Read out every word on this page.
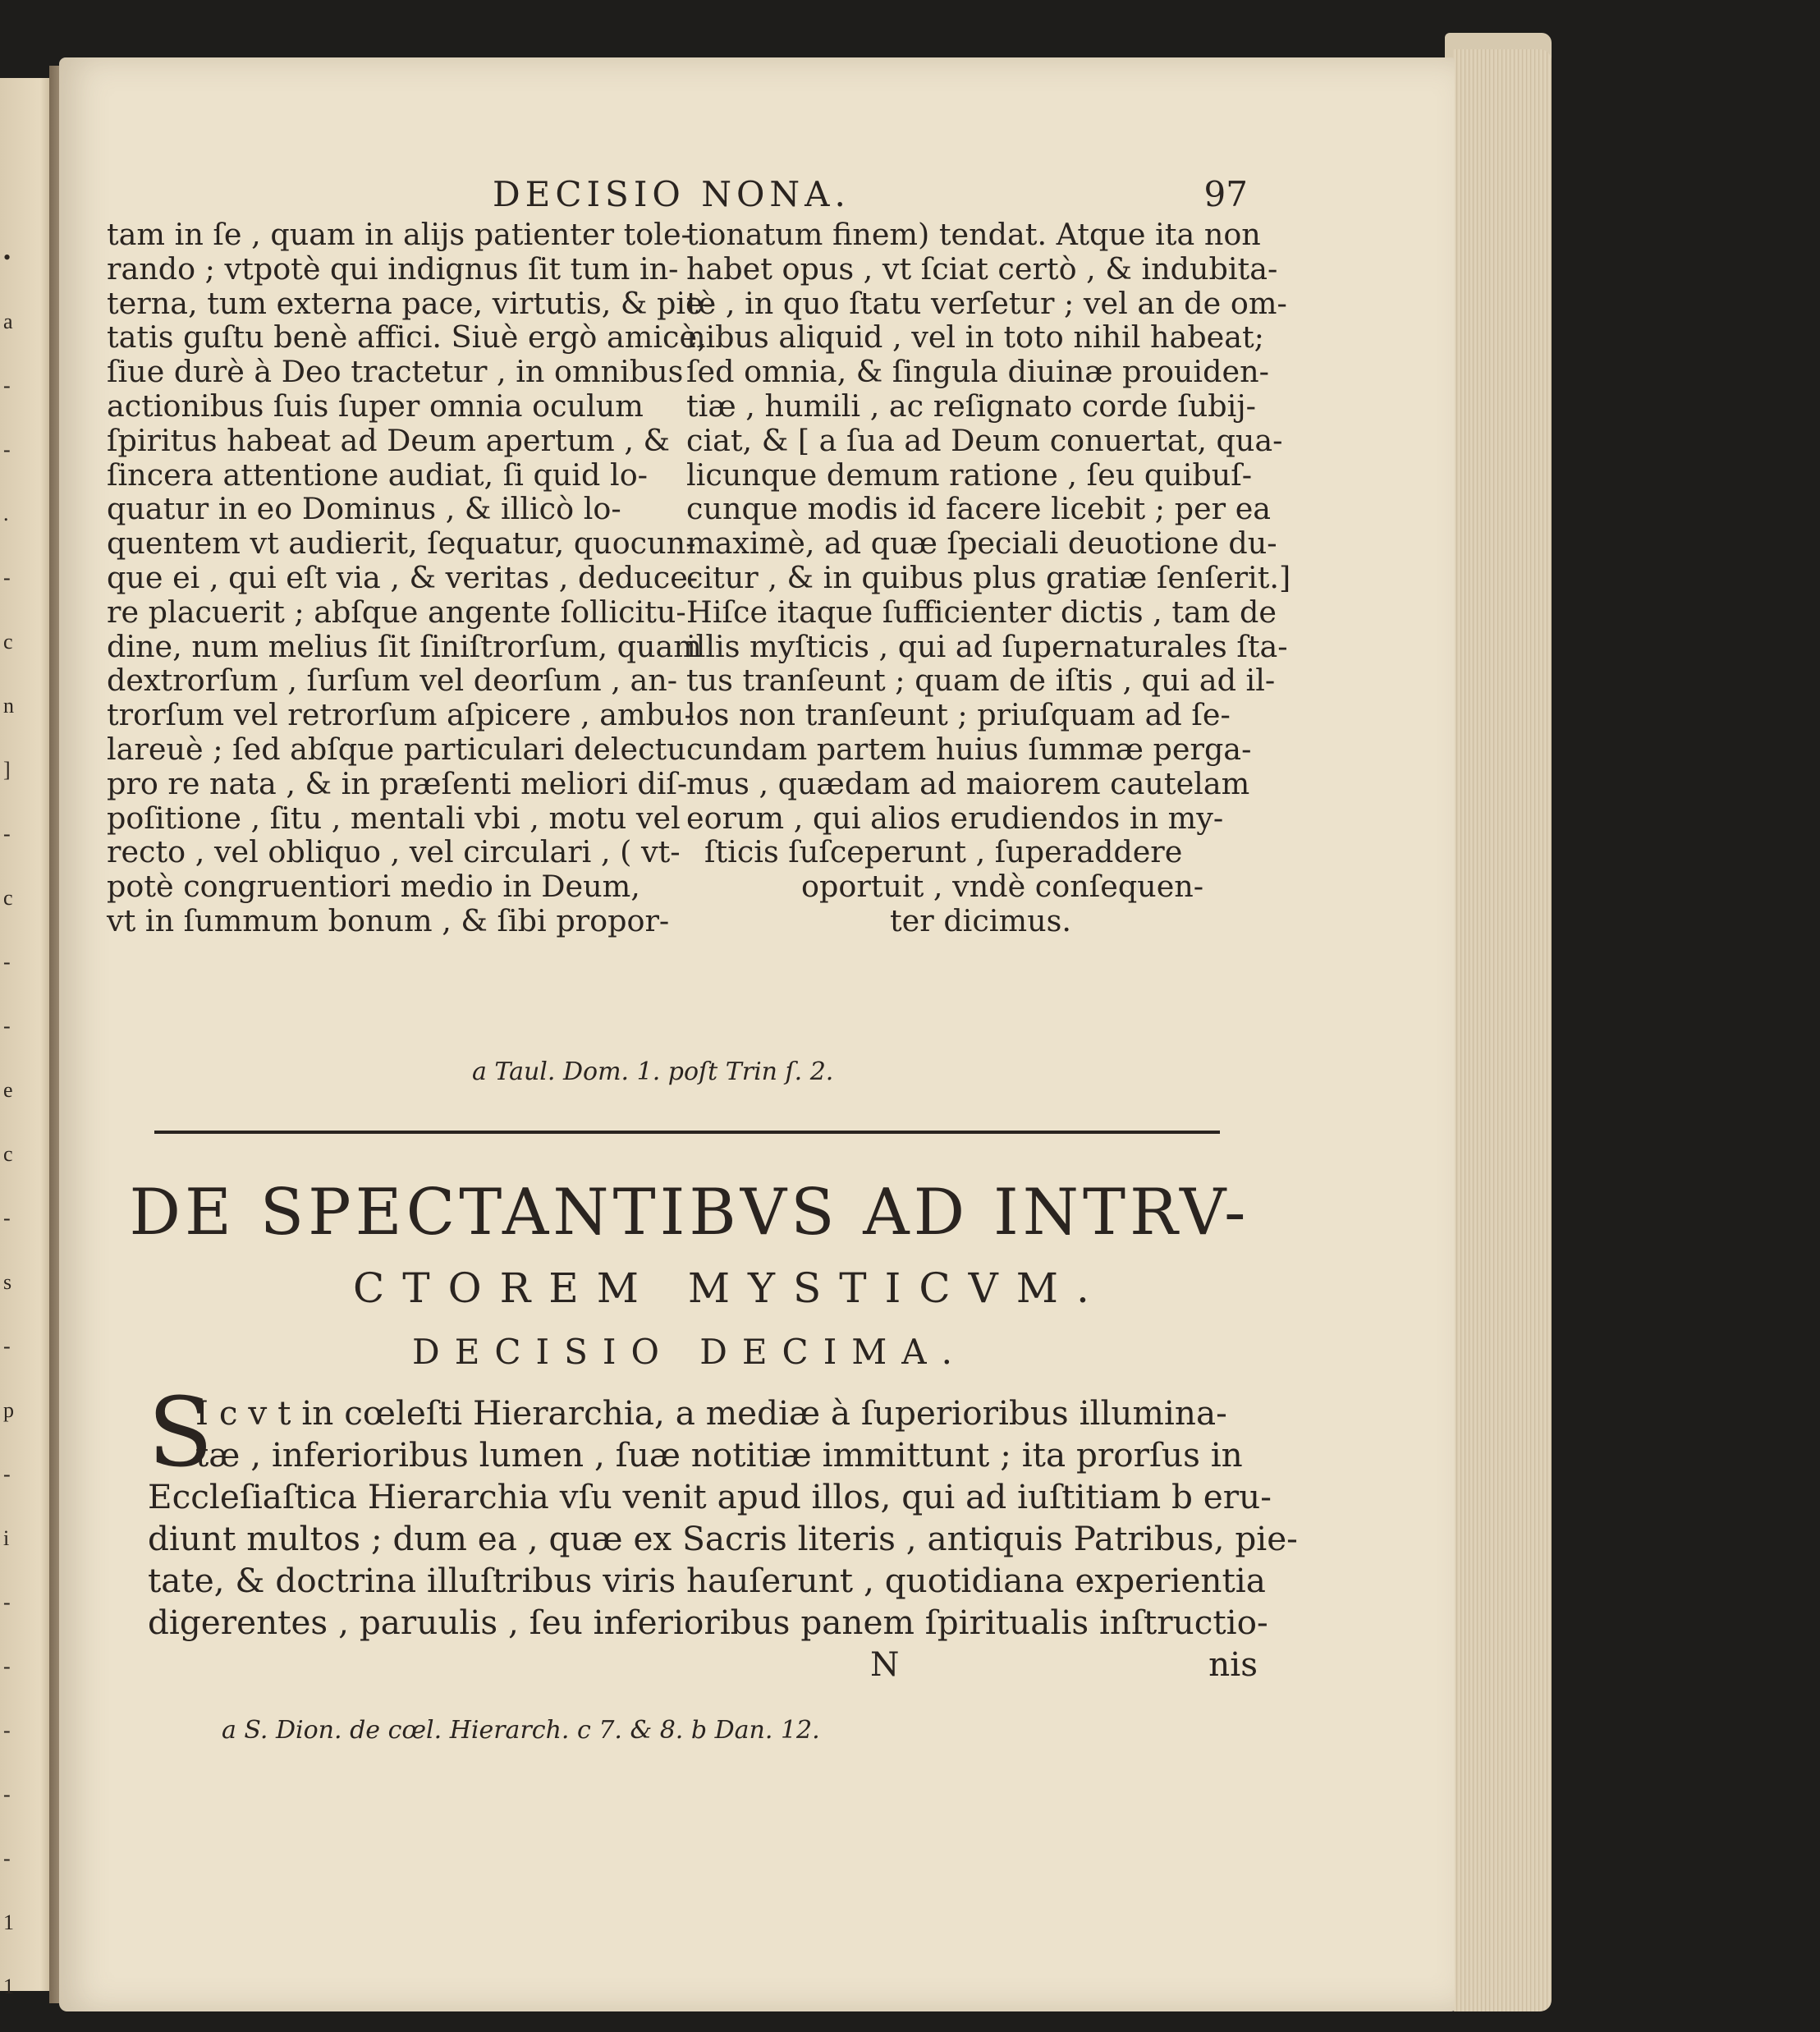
•
a
-
-
.
-
c
n
]
-
c
-
-
e
c
-
s
-
p
-
i
-
-
-
-
-
1
1
DECISIO NONA.	97
tam in ſe , quam in alijs patienter tole-
rando ; vtpotè qui indignus ſit tum in-
terna, tum externa pace, virtutis, & pie-
tatis guſtu benè affici. Siuè ergò amicè,
ſiue durè à Deo tractetur , in omnibus
actionibus ſuis ſuper omnia oculum
ſpiritus habeat ad Deum apertum , &
ſincera attentione audiat, ſi quid lo-
quatur in eo Dominus , & illicò lo-
quentem vt audierit, ſequatur, quocun-
que ei , qui eſt via , & veritas , deduce-
re placuerit ; abſque angente ſollicitu-
dine, num melius ſit ſiniſtrorſum, quam
dextrorſum , ſurſum vel deorſum , an-
trorſum vel retrorſum aſpicere , ambu-
lareuè ; ſed abſque particulari delectu
pro re nata , & in præſenti meliori diſ-
poſitione , ſitu , mentali vbi , motu vel
recto , vel obliquo , vel circulari , ( vt-
potè congruentiori medio in Deum,
vt in ſummum bonum , & ſibi propor-
tionatum finem) tendat. Atque ita non
habet opus , vt ſciat certò , & indubita-
tè , in quo ſtatu verſetur ; vel an de om-
nibus aliquid , vel in toto nihil habeat;
ſed omnia, & ſingula diuinæ prouiden-
tiæ , humili , ac reſignato corde ſubij-
ciat, & [ a ſua ad Deum conuertat, qua-
licunque demum ratione , ſeu quibuſ-
cunque modis id facere licebit ; per ea
maximè, ad quæ ſpeciali deuotione du-
citur , & in quibus plus gratiæ ſenſerit.]
Hiſce itaque ſufficienter dictis , tam de
illis myſticis , qui ad ſupernaturales ſta-
tus tranſeunt ; quam de iſtis , qui ad il-
los non tranſeunt ; priuſquam ad ſe-
cundam partem huius ſummæ perga-
mus , quædam ad maiorem cautelam
eorum , qui alios erudiendos in my-
ſticis ſuſceperunt , ſuperaddere
oportuit , vndè conſequen-
ter dicimus.
a Taul. Dom. 1. poſt Trin ſ. 2.
DE SPECTANTIBVS AD INTRV-
CTOREM MYSTICVM.
DECISIO DECIMA.
S
I c v t in cœleſti Hierarchia, a mediæ à ſuperioribus illumina-
tæ , inferioribus lumen , ſuæ notitiæ immittunt ; ita prorſus in
Eccleſiaſtica Hierarchia vſu venit apud illos, qui ad iuſtitiam b eru-
diunt multos ; dum ea , quæ ex Sacris literis , antiquis Patribus, pie-
tate, & doctrina illuſtribus viris hauſerunt , quotidiana experientia
digerentes , paruulis , ſeu inferioribus panem ſpiritualis inſtructio-
N	nis
a S. Dion. de cœl. Hierarch. c 7. & 8. b Dan. 12.
